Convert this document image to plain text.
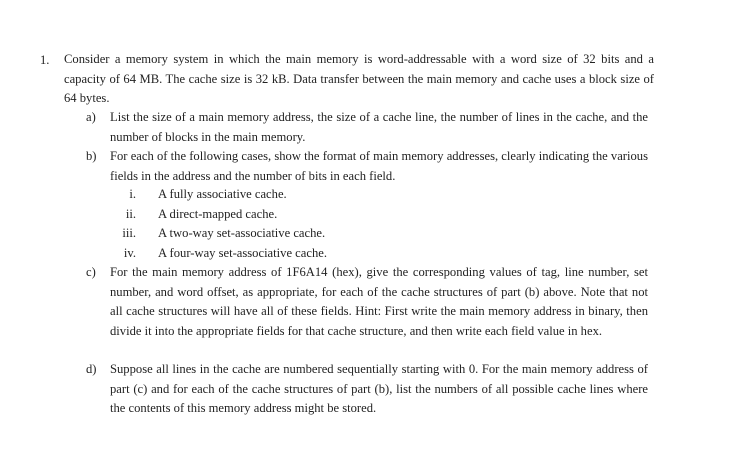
1. Consider a memory system in which the main memory is word-addressable with a word size of 32 bits and a capacity of 64 MB. The cache size is 32 kB. Data transfer between the main memory and cache uses a block size of 64 bytes.
a) List the size of a main memory address, the size of a cache line, the number of lines in the cache, and the number of blocks in the main memory.
b) For each of the following cases, show the format of main memory addresses, clearly indicating the various fields in the address and the number of bits in each field.
i. A fully associative cache.
ii. A direct-mapped cache.
iii. A two-way set-associative cache.
iv. A four-way set-associative cache.
c) For the main memory address of 1F6A14 (hex), give the corresponding values of tag, line number, set number, and word offset, as appropriate, for each of the cache structures of part (b) above. Note that not all cache structures will have all of these fields. Hint: First write the main memory address in binary, then divide it into the appropriate fields for that cache structure, and then write each field value in hex.
d) Suppose all lines in the cache are numbered sequentially starting with 0. For the main memory address of part (c) and for each of the cache structures of part (b), list the numbers of all possible cache lines where the contents of this memory address might be stored.
